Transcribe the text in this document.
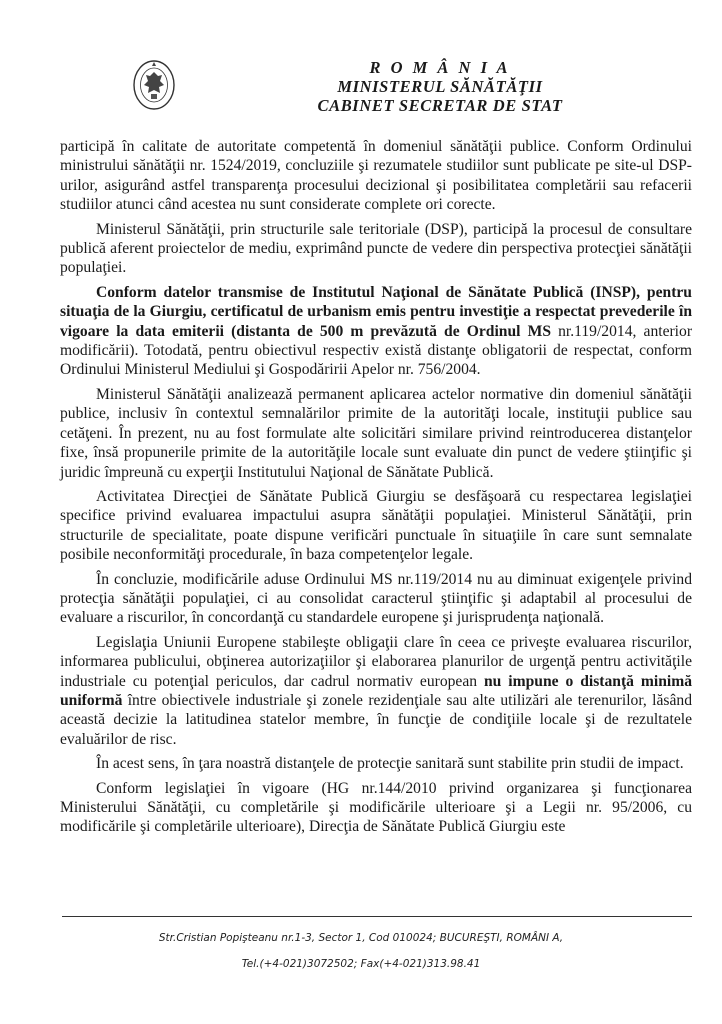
R O M Â N I A
MINISTERUL SĂNĂTĂŢII
CABINET SECRETAR DE STAT

participă în calitate de autoritate competentă în domeniul sănătăţii publice. Conform Ordinului ministrului sănătăţii nr. 1524/2019, concluziile şi rezumatele studiilor sunt publicate pe site-ul DSP-urilor, asigurând astfel transparenţa procesului decizional şi posibilitatea completării sau refacerii studiilor atunci când acestea nu sunt considerate complete ori corecte.

Ministerul Sănătăţii, prin structurile sale teritoriale (DSP), participă la procesul de consultare publică aferent proiectelor de mediu, exprimând puncte de vedere din perspectiva protecţiei sănătăţii populaţiei.

Conform datelor transmise de Institutul Naţional de Sănătate Publică (INSP), pentru situaţia de la Giurgiu, certificatul de urbanism emis pentru investiţie a respectat prevederile în vigoare la data emiterii (distanta de 500 m prevăzută de Ordinul MS nr.119/2014, anterior modificării). Totodată, pentru obiectivul respectiv există distanţe obligatorii de respectat, conform Ordinului Ministerul Mediului şi Gospodăririi Apelor nr. 756/2004.

Ministerul Sănătăţii analizează permanent aplicarea actelor normative din domeniul sănătăţii publice, inclusiv în contextul semnalărilor primite de la autorităţi locale, instituţii publice sau cetăţeni. În prezent, nu au fost formulate alte solicitări similare privind reintroducerea distanţelor fixe, însă propunerile primite de la autorităţile locale sunt evaluate din punct de vedere ştiinţific şi juridic împreună cu experţii Institutului Naţional de Sănătate Publică.

Activitatea Direcţiei de Sănătate Publică Giurgiu se desfăşoară cu respectarea legislaţiei specifice privind evaluarea impactului asupra sănătăţii populaţiei. Ministerul Sănătăţii, prin structurile de specialitate, poate dispune verificări punctuale în situaţiile în care sunt semnalate posibile neconformităţi procedurale, în baza competenţelor legale.

În concluzie, modificările aduse Ordinului MS nr.119/2014 nu au diminuat exigenţele privind protecţia sănătăţii populaţiei, ci au consolidat caracterul ştiinţific şi adaptabil al procesului de evaluare a riscurilor, în concordanţă cu standardele europene şi jurisprudenţa naţională.

Legislaţia Uniunii Europene stabileşte obligaţii clare în ceea ce priveşte evaluarea riscurilor, informarea publicului, obţinerea autorizaţiilor şi elaborarea planurilor de urgenţă pentru activităţile industriale cu potenţial periculos, dar cadrul normativ european nu impune o distanţă minimă uniformă între obiectivele industriale şi zonele rezidenţiale sau alte utilizări ale terenurilor, lăsând această decizie la latitudinea statelor membre, în funcţie de condiţiile locale şi de rezultatele evaluărilor de risc.

În acest sens, în ţara noastră distanţele de protecţie sanitară sunt stabilite prin studii de impact.

Conform legislaţiei în vigoare (HG nr.144/2010 privind organizarea şi funcţionarea Ministerului Sănătăţii, cu completările şi modificările ulterioare şi a Legii nr. 95/2006, cu modificările şi completările ulterioare), Direcţia de Sănătate Publică Giurgiu este

Str.Cristian Popişteanu nr.1-3, Sector 1, Cod 010024; BUCUREŞTI, ROMÂNI A,
Tel.(+4-021)3072502; Fax(+4-021)313.98.41
